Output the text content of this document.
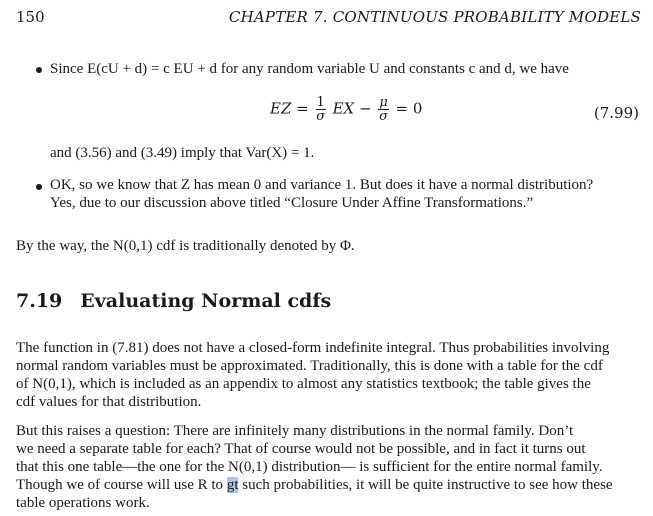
150	CHAPTER 7. CONTINUOUS PROBABILITY MODELS
Since E(cU + d) = c EU + d for any random variable U and constants c and d, we have
EZ = $\frac{1}{\sigma}$ EX − $\frac{\mu}{\sigma} = 0$	(7.99)
and (3.56) and (3.49) imply that Var(X) = 1.
OK, so we know that Z has mean 0 and variance 1. But does it have a normal distribution?
Yes, due to our discussion above titled “Closure Under Affine Transformations.”
By the way, the N(0,1) cdf is traditionally denoted by Φ.
7.19 Evaluating Normal cdfs
The function in (7.81) does not have a closed-form indefinite integral. Thus probabilities involving
normal random variables must be approximated. Traditionally, this is done with a table for the cdf
of N(0,1), which is included as an appendix to almost any statistics textbook; the table gives the
cdf values for that distribution.
But this raises a question: There are infinitely many distributions in the normal family. Don’t
we need a separate table for each? That of course would not be possible, and in fact it turns out
that this one table—the one for the N(0,1) distribution— is sufficient for the entire normal family.
Though we of course will use R to gt such probabilities, it will be quite instructive to see how these
table operations work.
